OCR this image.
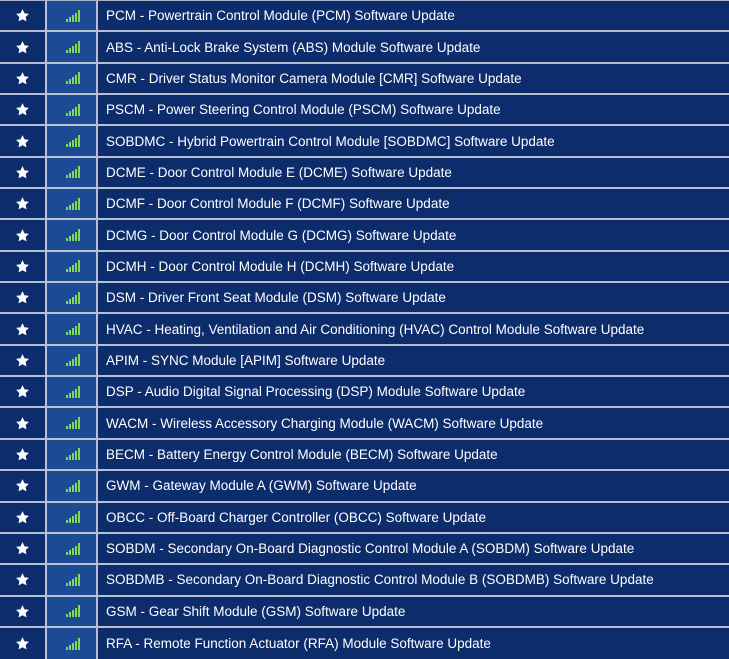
PCM - Powertrain Control Module (PCM) Software Update
ABS - Anti-Lock Brake System (ABS) Module Software Update
CMR - Driver Status Monitor Camera Module [CMR] Software Update
PSCM - Power Steering Control Module (PSCM) Software Update
SOBDMC - Hybrid Powertrain Control Module [SOBDMC] Software Update
DCME - Door Control Module E (DCME) Software Update
DCMF - Door Control Module F (DCMF) Software Update
DCMG - Door Control Module G (DCMG) Software Update
DCMH - Door Control Module H (DCMH) Software Update
DSM - Driver Front Seat Module (DSM) Software Update
HVAC - Heating, Ventilation and Air Conditioning (HVAC) Control Module Software Update
APIM - SYNC Module [APIM] Software Update
DSP - Audio Digital Signal Processing (DSP) Module Software Update
WACM - Wireless Accessory Charging Module (WACM) Software Update
BECM - Battery Energy Control Module (BECM) Software Update
GWM - Gateway Module A (GWM) Software Update
OBCC - Off-Board Charger Controller (OBCC) Software Update
SOBDM - Secondary On-Board Diagnostic Control Module A (SOBDM) Software Update
SOBDMB - Secondary On-Board Diagnostic Control Module B (SOBDMB) Software Update
GSM - Gear Shift Module (GSM) Software Update
RFA - Remote Function Actuator (RFA) Module Software Update
